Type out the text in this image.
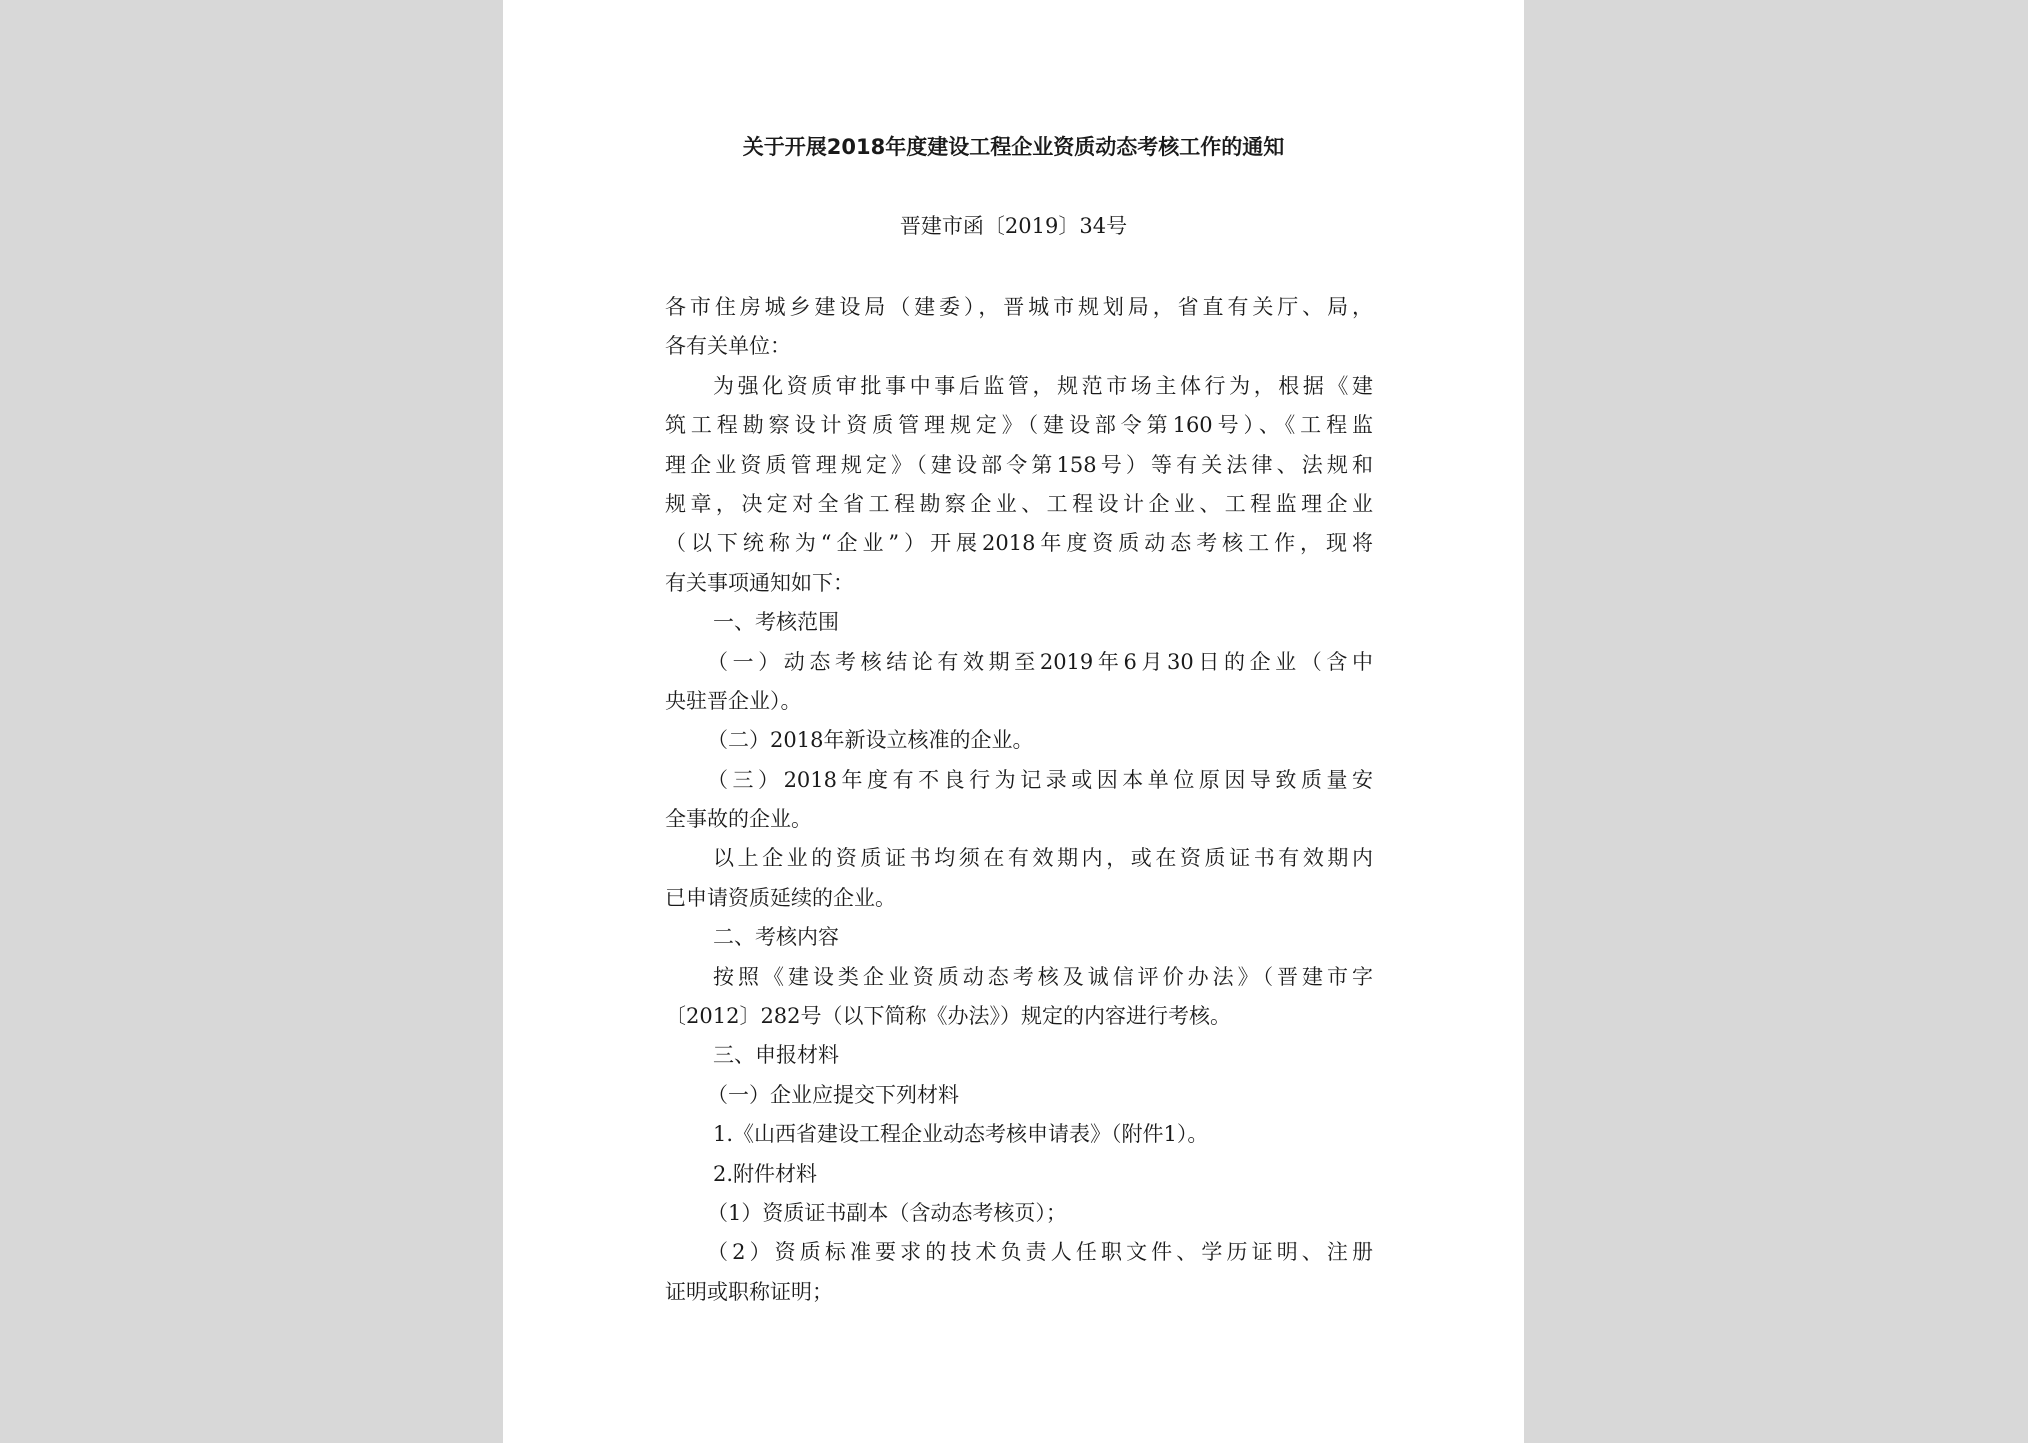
关于开展2018年度建设工程企业资质动态考核工作的通知
晋建市函〔2019〕34号
各市住房城乡建设局（建委），晋城市规划局，省直有关厅、局，
各有关单位：
为强化资质审批事中事后监管，规范市场主体行为，根据《建
筑工程勘察设计资质管理规定》（建设部令第160号）、《工程监
理企业资质管理规定》（建设部令第158号）等有关法律、法规和
规章，决定对全省工程勘察企业、工程设计企业、工程监理企业
（以下统称为“企业”）开展2018年度资质动态考核工作，现将
有关事项通知如下：
一、考核范围
（一）动态考核结论有效期至2019年6月30日的企业（含中
央驻晋企业）。
（二）2018年新设立核准的企业。
（三）2018年度有不良行为记录或因本单位原因导致质量安
全事故的企业。
以上企业的资质证书均须在有效期内，或在资质证书有效期内
已申请资质延续的企业。
二、考核内容
按照《建设类企业资质动态考核及诚信评价办法》（晋建市字
〔2012〕282号（以下简称《办法》）规定的内容进行考核。
三、申报材料
（一）企业应提交下列材料
1.《山西省建设工程企业动态考核申请表》（附件1）。
2.附件材料
（1）资质证书副本（含动态考核页）；
（2）资质标准要求的技术负责人任职文件、学历证明、注册
证明或职称证明；
